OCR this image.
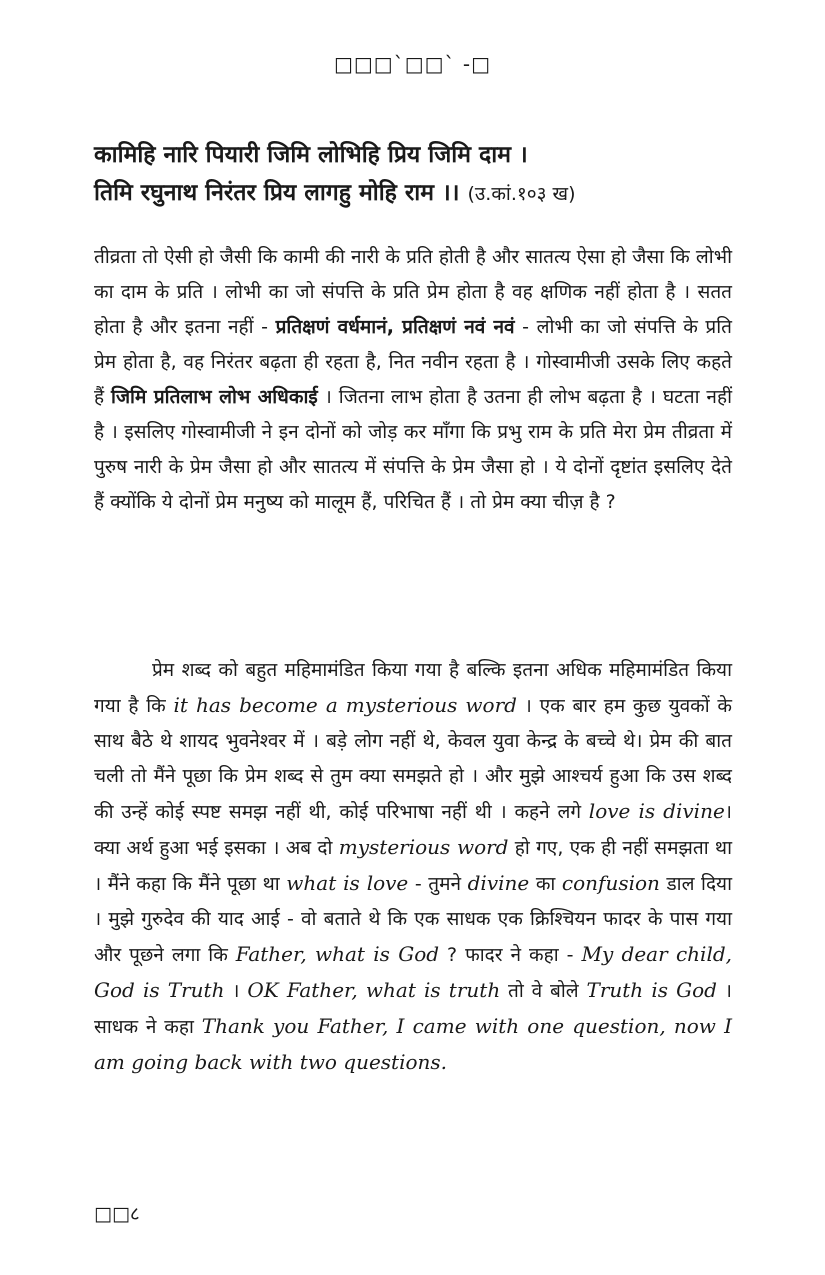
□□□`□□` -□
कामिहि नारि पियारी जिमि लोभिहि प्रिय जिमि दाम ।
तिमि रघुनाथ निरंतर प्रिय लागहु मोहि राम ।। (उ.कां.१०३ ख)
तीव्रता तो ऐसी हो जैसी कि कामी की नारी के प्रति होती है और सातत्य ऐसा हो जैसा कि लोभी का दाम के प्रति । लोभी का जो संपत्ति के प्रति प्रेम होता है वह क्षणिक नहीं होता है । सतत होता है और इतना नहीं - प्रतिक्षणं वर्धमानं, प्रतिक्षणं नवं नवं - लोभी का जो संपत्ति के प्रति प्रेम होता है, वह निरंतर बढ़ता ही रहता है, नित नवीन रहता है । गोस्वामीजी उसके लिए कहते हैं जिमि प्रतिलाभ लोभ अधिकाई । जितना लाभ होता है उतना ही लोभ बढ़ता है । घटता नहीं है । इसलिए गोस्वामीजी ने इन दोनों को जोड़ कर माँगा कि प्रभु राम के प्रति मेरा प्रेम तीव्रता में पुरुष नारी के प्रेम जैसा हो और सातत्य में संपत्ति के प्रेम जैसा हो । ये दोनों दृष्टांत इसलिए देते हैं क्योंकि ये दोनों प्रेम मनुष्य को मालूम हैं, परिचित हैं । तो प्रेम क्या चीज़ है ?
प्रेम शब्द को बहुत महिमामंडित किया गया है बल्कि इतना अधिक महिमामंडित किया गया है कि it has become a mysterious word । एक बार हम कुछ युवकों के साथ बैठे थे शायद भुवनेश्वर में । बड़े लोग नहीं थे, केवल युवा केन्द्र के बच्चे थे। प्रेम की बात चली तो मैंने पूछा कि प्रेम शब्द से तुम क्या समझते हो । और मुझे आश्चर्य हुआ कि उस शब्द की उन्हें कोई स्पष्ट समझ नहीं थी, कोई परिभाषा नहीं थी । कहने लगे love is divine। क्या अर्थ हुआ भई इसका । अब दो mysterious word हो गए, एक ही नहीं समझता था । मैंने कहा कि मैंने पूछा था what is love - तुमने divine का confusion डाल दिया । मुझे गुरुदेव की याद आई - वो बताते थे कि एक साधक एक क्रिश्चियन फादर के पास गया और पूछने लगा कि Father, what is God ? फादर ने कहा - My dear child, God is Truth । OK Father, what is truth तो वे बोले Truth is God । साधक ने कहा Thank you Father, I came with one question, now I am going back with two questions.
□□८
